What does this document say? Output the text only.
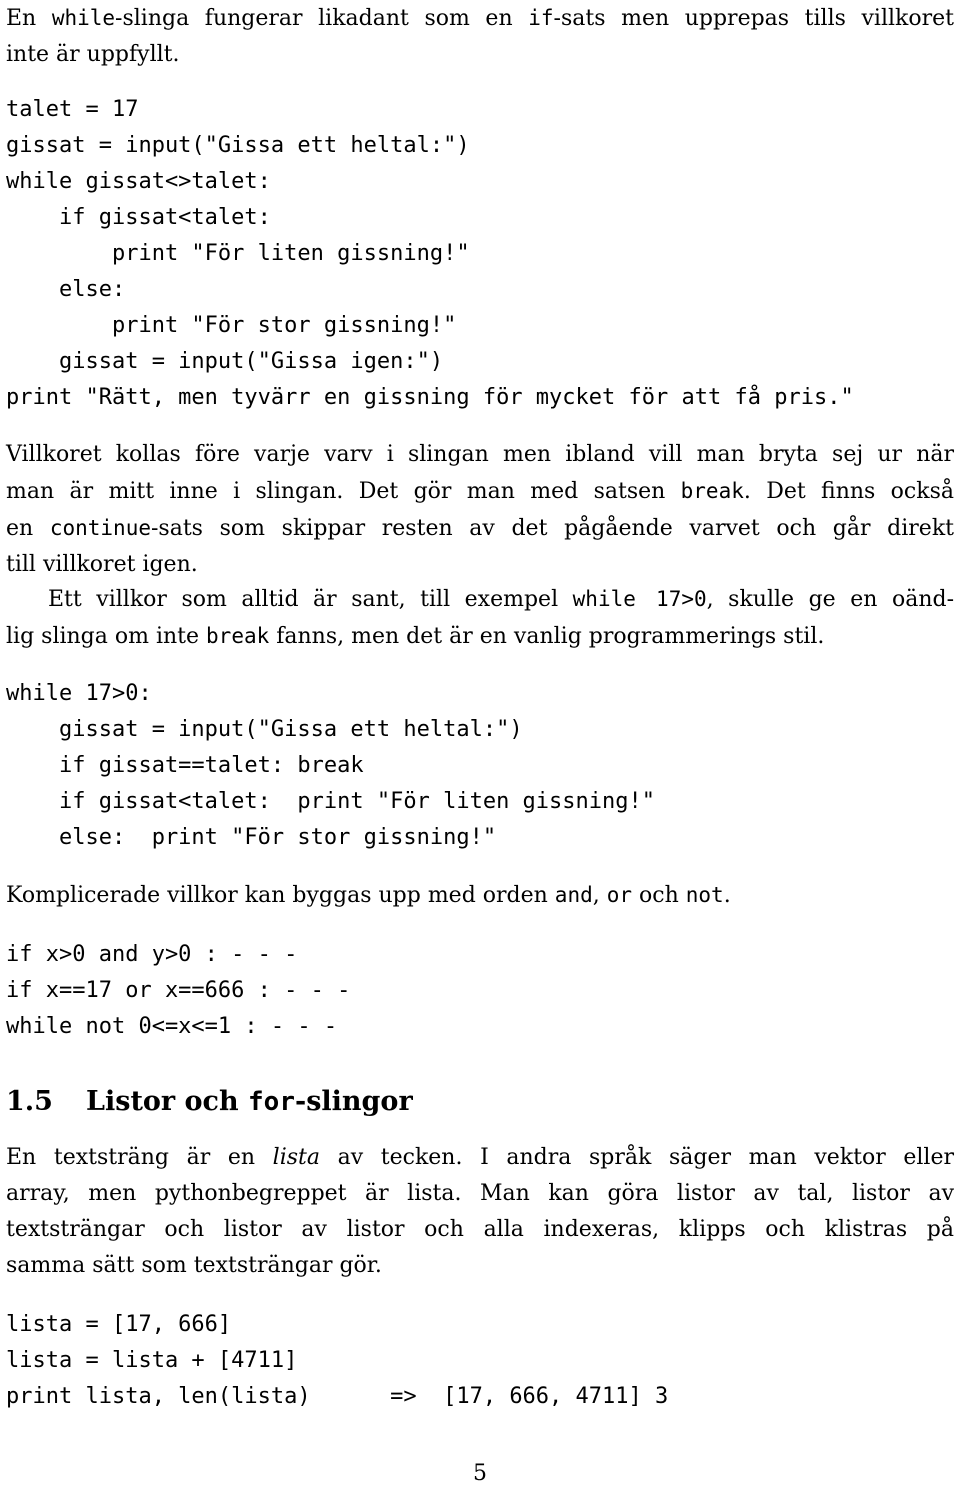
En while-slinga fungerar likadant som en if-sats men upprepas tills villkoret
inte är uppfyllt.
talet = 17
gissat = input("Gissa ett heltal:")
while gissat<>talet:
if gissat<talet:
print "För liten gissning!"
else:
print "För stor gissning!"
gissat = input("Gissa igen:")
print "Rätt, men tyvärr en gissning för mycket för att få pris."
Villkoret kollas före varje varv i slingan men ibland vill man bryta sej ur när
man är mitt inne i slingan. Det gör man med satsen break. Det finns också
en continue-sats som skippar resten av det pågående varvet och går direkt
till villkoret igen.
Ett villkor som alltid är sant, till exempel while 17>0, skulle ge en oänd-
lig slinga om inte break fanns, men det är en vanlig programmerings stil.
while 17>0:
gissat = input("Gissa ett heltal:")
if gissat==talet: break
if gissat<talet:  print "För liten gissning!"
else:  print "För stor gissning!"
Komplicerade villkor kan byggas upp med orden and, or och not.
if x>0 and y>0 : - - -
if x==17 or x==666 : - - -
while not 0<=x<=1 : - - -
1.5 Listor och for-slingor
En textsträng är en lista av tecken. I andra språk säger man vektor eller
array, men pythonbegreppet är lista. Man kan göra listor av tal, listor av
textsträngar och listor av listor och alla indexeras, klipps och klistras på
samma sätt som textsträngar gör.
lista = [17, 666]
lista = lista + [4711]
print lista, len(lista)      =>  [17, 666, 4711] 3
5
